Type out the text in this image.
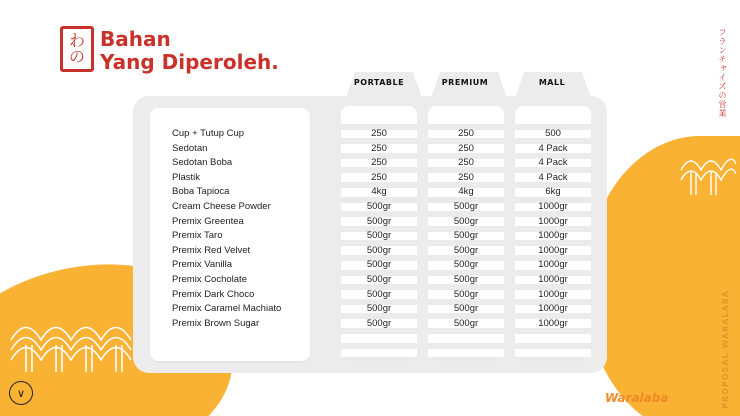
わ
の
Bahan
Yang Diperoleh.	フランチャイズの営業
PROPOSAL WARALABA
PORTABLE	PREMIUM	MALL
Cup + Tutup Cup	250	250	500
Sedotan	250	250	4 Pack
Sedotan Boba	250	250	4 Pack
Plastik	250	250	4 Pack
Boba Tapioca	4kg	4kg	6kg
Cream Cheese Powder	500gr	500gr	1000gr
Premix Greentea	500gr	500gr	1000gr
Premix Taro	500gr	500gr	1000gr
Premix Red Velvet	500gr	500gr	1000gr
Premix Vanilla	500gr	500gr	1000gr
Premix Cocholate	500gr	500gr	1000gr
Premix Dark Choco	500gr	500gr	1000gr
Premix Caramel Machiato	500gr	500gr	1000gr
Premix Brown Sugar	500gr	500gr	1000gr
∨	WaralabaKu.com
